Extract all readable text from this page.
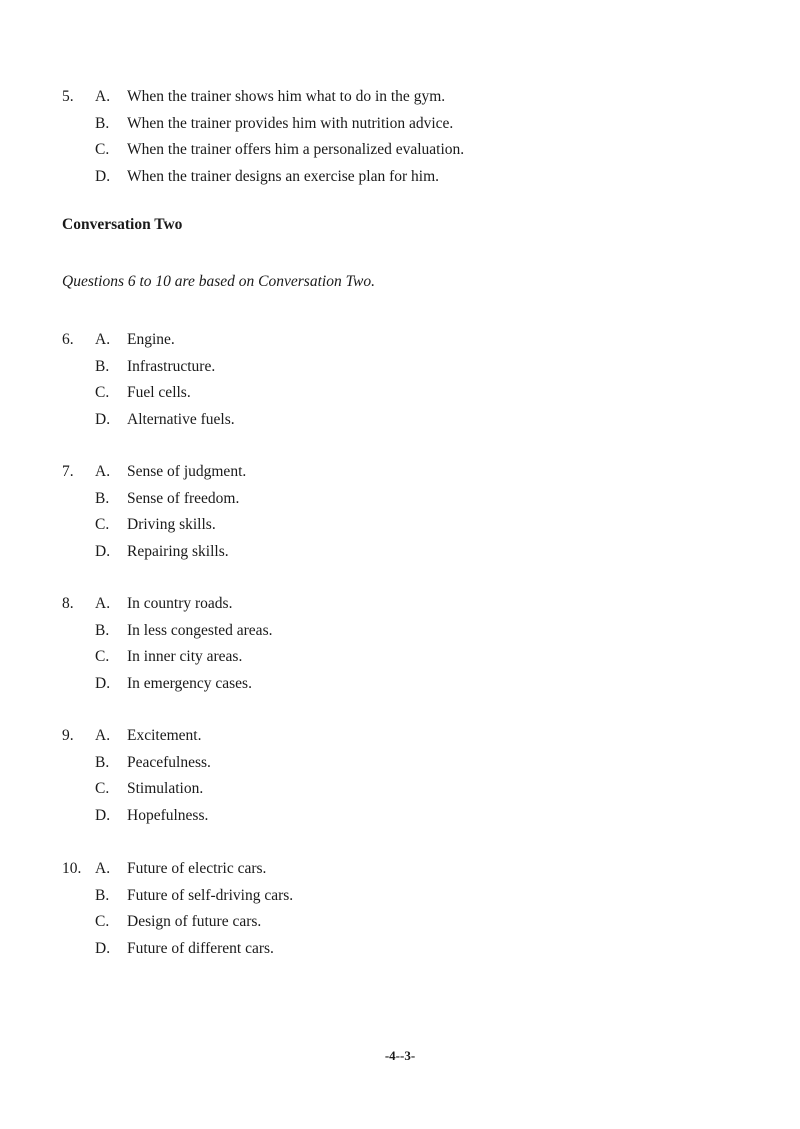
5. A. When the trainer shows him what to do in the gym.
B. When the trainer provides him with nutrition advice.
C. When the trainer offers him a personalized evaluation.
D. When the trainer designs an exercise plan for him.
Conversation Two
Questions 6 to 10 are based on Conversation Two.
6. A. Engine.
B. Infrastructure.
C. Fuel cells.
D. Alternative fuels.
7. A. Sense of judgment.
B. Sense of freedom.
C. Driving skills.
D. Repairing skills.
8. A. In country roads.
B. In less congested areas.
C. In inner city areas.
D. In emergency cases.
9. A. Excitement.
B. Peacefulness.
C. Stimulation.
D. Hopefulness.
10. A. Future of electric cars.
B. Future of self-driving cars.
C. Design of future cars.
D. Future of different cars.
-4--3-
